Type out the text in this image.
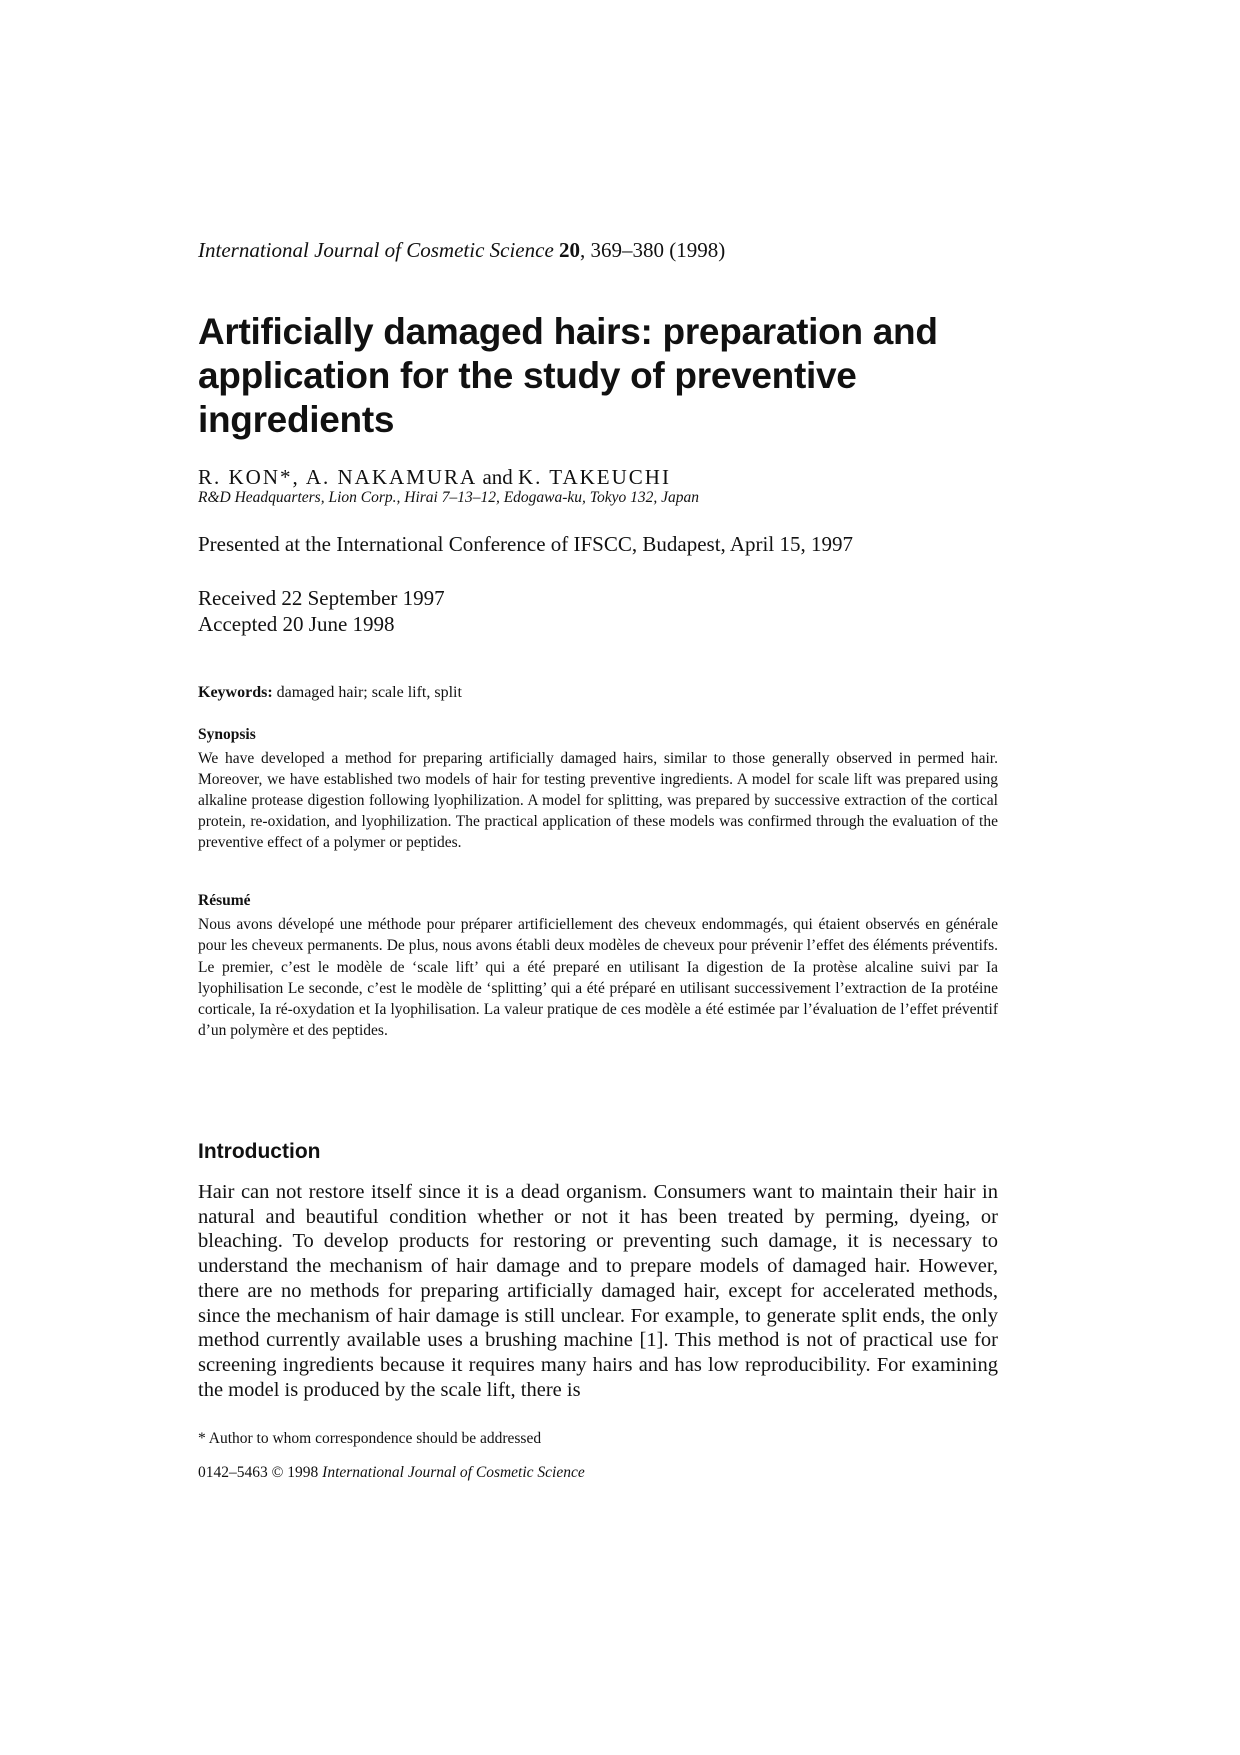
International Journal of Cosmetic Science 20, 369–380 (1998)
Artificially damaged hairs: preparation and application for the study of preventive ingredients
R. KON*, A. NAKAMURA and K. TAKEUCHI
R&D Headquarters, Lion Corp., Hirai 7–13–12, Edogawa-ku, Tokyo 132, Japan
Presented at the International Conference of IFSCC, Budapest, April 15, 1997
Received 22 September 1997
Accepted 20 June 1998
Keywords: damaged hair; scale lift, split
Synopsis

We have developed a method for preparing artificially damaged hairs, similar to those generally observed in permed hair. Moreover, we have established two models of hair for testing preventive ingredients. A model for scale lift was prepared using alkaline protease digestion following lyophilization. A model for splitting, was prepared by successive extraction of the cortical protein, re-oxidation, and lyophilization. The practical application of these models was confirmed through the evaluation of the preventive effect of a polymer or peptides.

Résumé

Nous avons dévelopé une méthode pour préparer artificiellement des cheveux endommagés, qui étaient observés en générale pour les cheveux permanents. De plus, nous avons établi deux modèles de cheveux pour prévenir l’effet des éléments préventifs. Le premier, c’est le modèle de ‘scale lift’ qui a été preparé en utilisant Ia digestion de Ia protèse alcaline suivi par Ia lyophilisation Le seconde, c’est le modèle de ‘splitting’ qui a été préparé en utilisant successivement l’extraction de Ia protéine corticale, Ia ré-oxydation et Ia lyophilisation. La valeur pratique de ces modèle a été estimée par l’évaluation de l’effet préventif d’un polymère et des peptides.

Introduction

Hair can not restore itself since it is a dead organism. Consumers want to maintain their hair in natural and beautiful condition whether or not it has been treated by perming, dyeing, or bleaching. To develop products for restoring or preventing such damage, it is necessary to understand the mechanism of hair damage and to prepare models of damaged hair. However, there are no methods for preparing artificially damaged hair, except for accelerated methods, since the mechanism of hair damage is still unclear. For example, to generate split ends, the only method currently available uses a brushing machine [1]. This method is not of practical use for screening ingredients because it requires many hairs and has low reproducibility. For examining the model is produced by the scale lift, there is

* Author to whom correspondence should be addressed
0142–5463 © 1998 International Journal of Cosmetic Science
